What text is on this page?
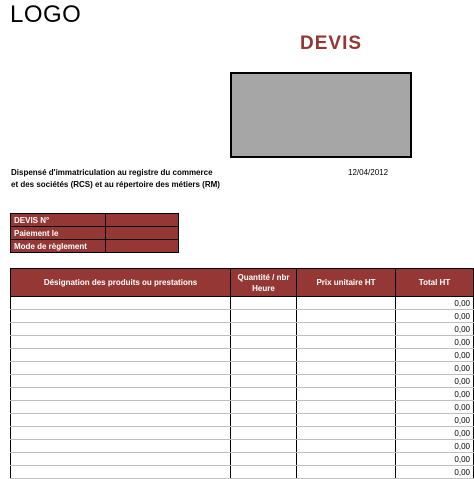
LOGO
DEVIS
Dispensé d'immatriculation au registre du commerce
et des sociétés (RCS) et au répertoire des métiers (RM)
12/04/2012
DEVIS N°	
Paiement le	
Mode de règlement	
Désignation des produits ou prestations	Quantité / nbr Heure	Prix unitaire HT	Total HT
			0,00
			0,00
			0,00
			0,00
			0,00
			0,00
			0,00
			0,00
			0,00
			0,00
			0,00
			0,00
			0,00
			0,00
